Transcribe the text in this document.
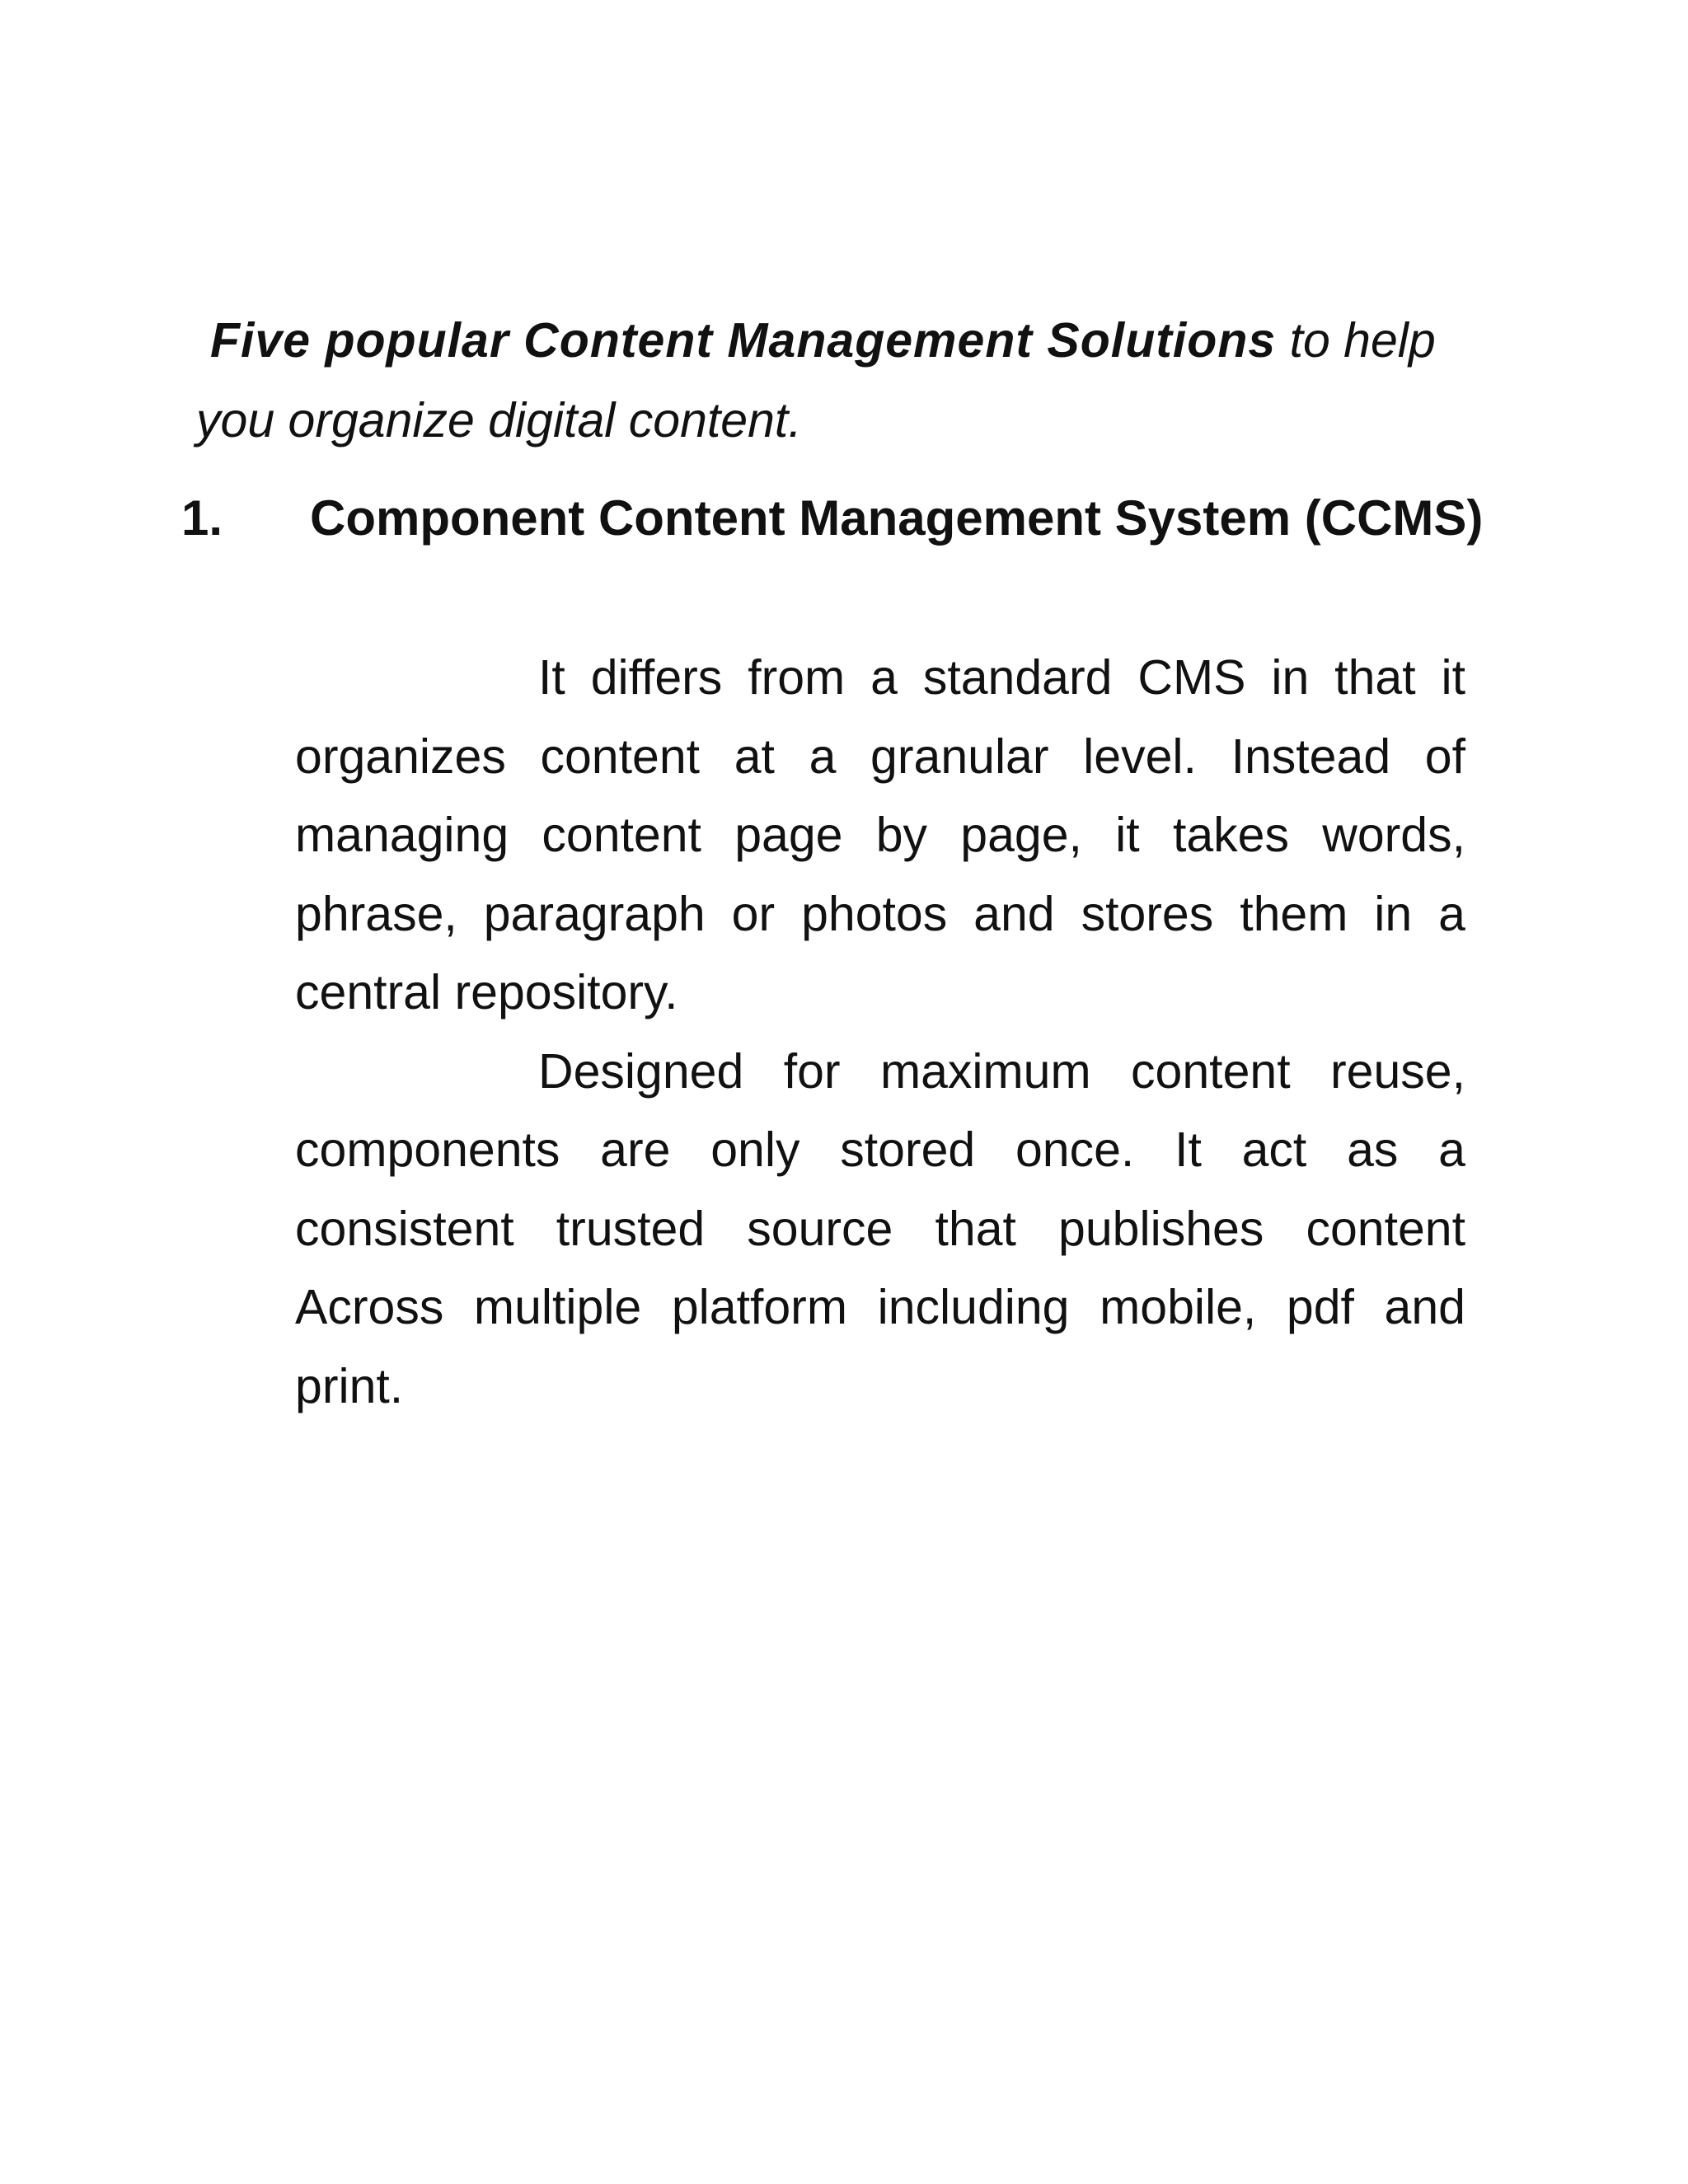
Five popular Content Management Solutions to help you organize digital content.

1. Component Content Management System (CCMS)

It differs from a standard CMS in that it organizes content at a granular level. Instead of managing content page by page, it takes words, phrase, paragraph or photos and stores them in a central repository.

Designed for maximum content reuse, components are only stored once. It act as a consistent trusted source that publishes content Across multiple platform including mobile, pdf and print.
